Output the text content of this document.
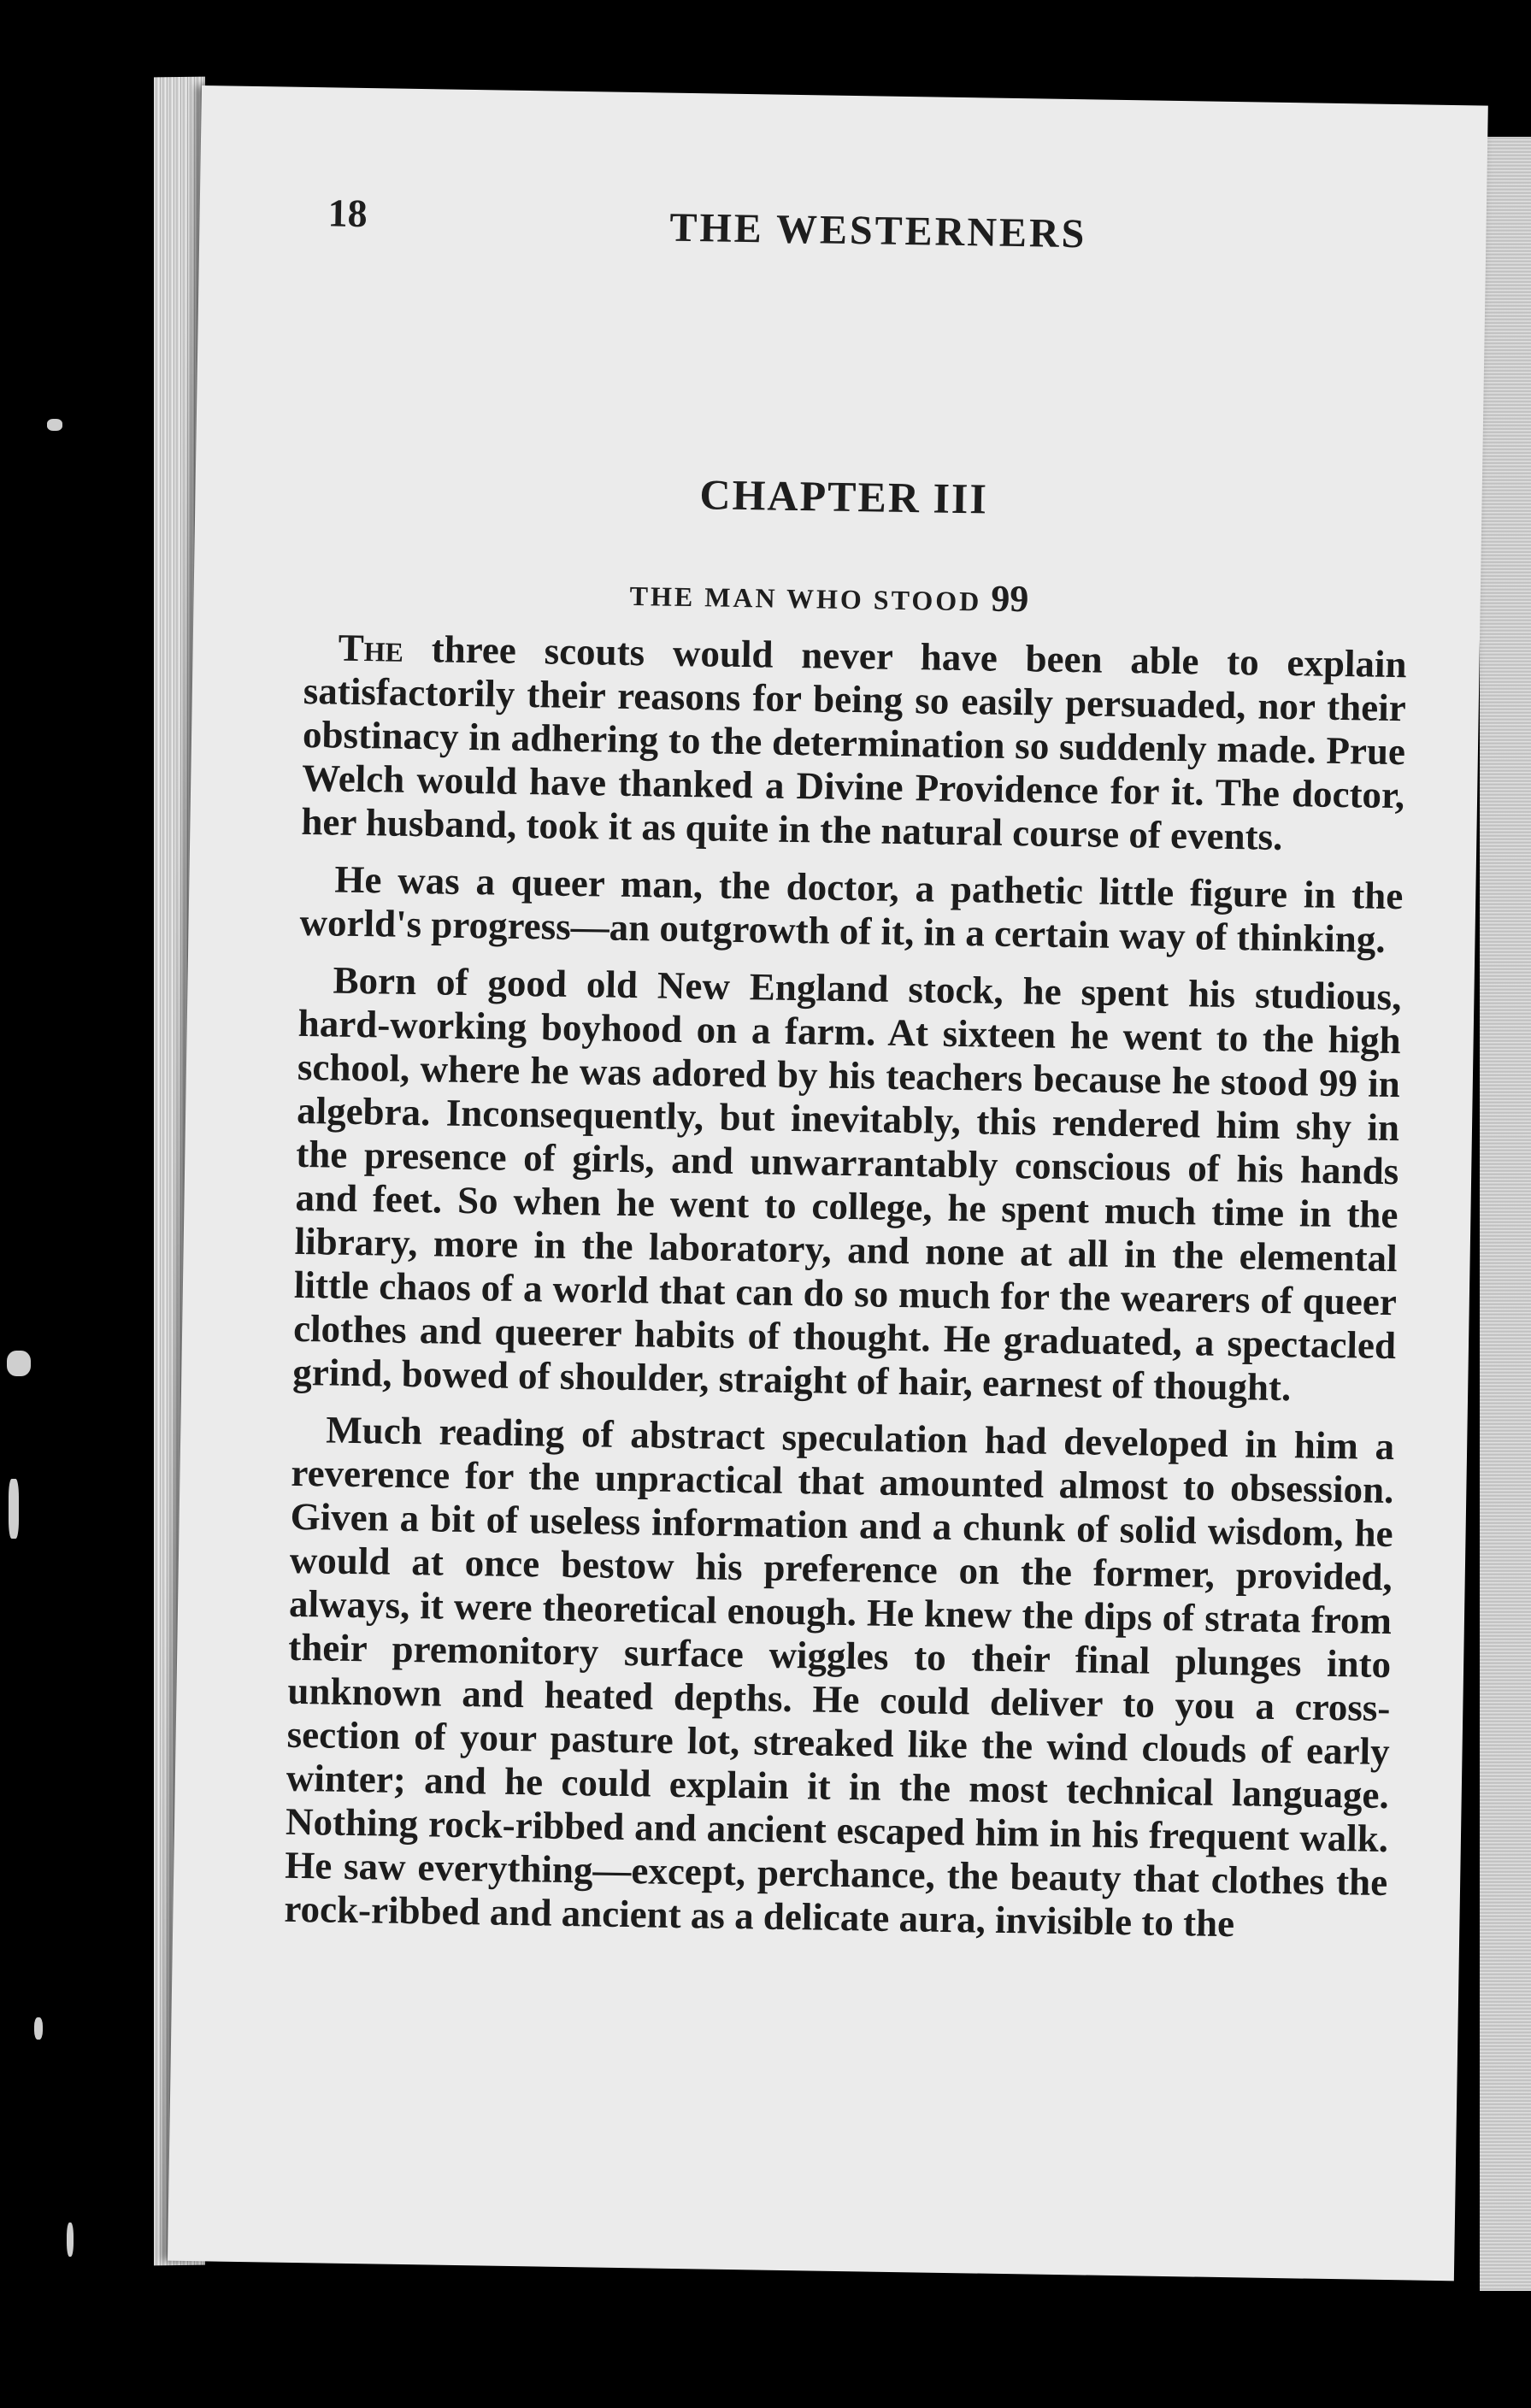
18	THE WESTERNERS
CHAPTER III
THE MAN WHO STOOD 99

The three scouts would never have been able to explain satisfactorily their reasons for being so easily persuaded, nor their obstinacy in adhering to the determination so suddenly made. Prue Welch would have thanked a Divine Providence for it. The doctor, her husband, took it as quite in the natural course of events.

He was a queer man, the doctor, a pathetic little figure in the world's progress—an outgrowth of it, in a certain way of thinking.

Born of good old New England stock, he spent his studious, hard-working boyhood on a farm. At sixteen he went to the high school, where he was adored by his teachers because he stood 99 in algebra. Inconsequently, but inevitably, this rendered him shy in the presence of girls, and unwarrantably conscious of his hands and feet. So when he went to college, he spent much time in the library, more in the laboratory, and none at all in the elemental little chaos of a world that can do so much for the wearers of queer clothes and queerer habits of thought. He graduated, a spectacled grind, bowed of shoulder, straight of hair, earnest of thought.

Much reading of abstract speculation had developed in him a reverence for the unpractical that amounted almost to obsession. Given a bit of useless information and a chunk of solid wisdom, he would at once bestow his preference on the former, provided, always, it were theoretical enough. He knew the dips of strata from their premonitory surface wiggles to their final plunges into unknown and heated depths. He could deliver to you a cross-section of your pasture lot, streaked like the wind clouds of early winter; and he could explain it in the most technical language. Nothing rock-ribbed and ancient escaped him in his frequent walk. He saw everything—except, perchance, the beauty that clothes the rock-ribbed and ancient as a delicate aura, invisible to the
